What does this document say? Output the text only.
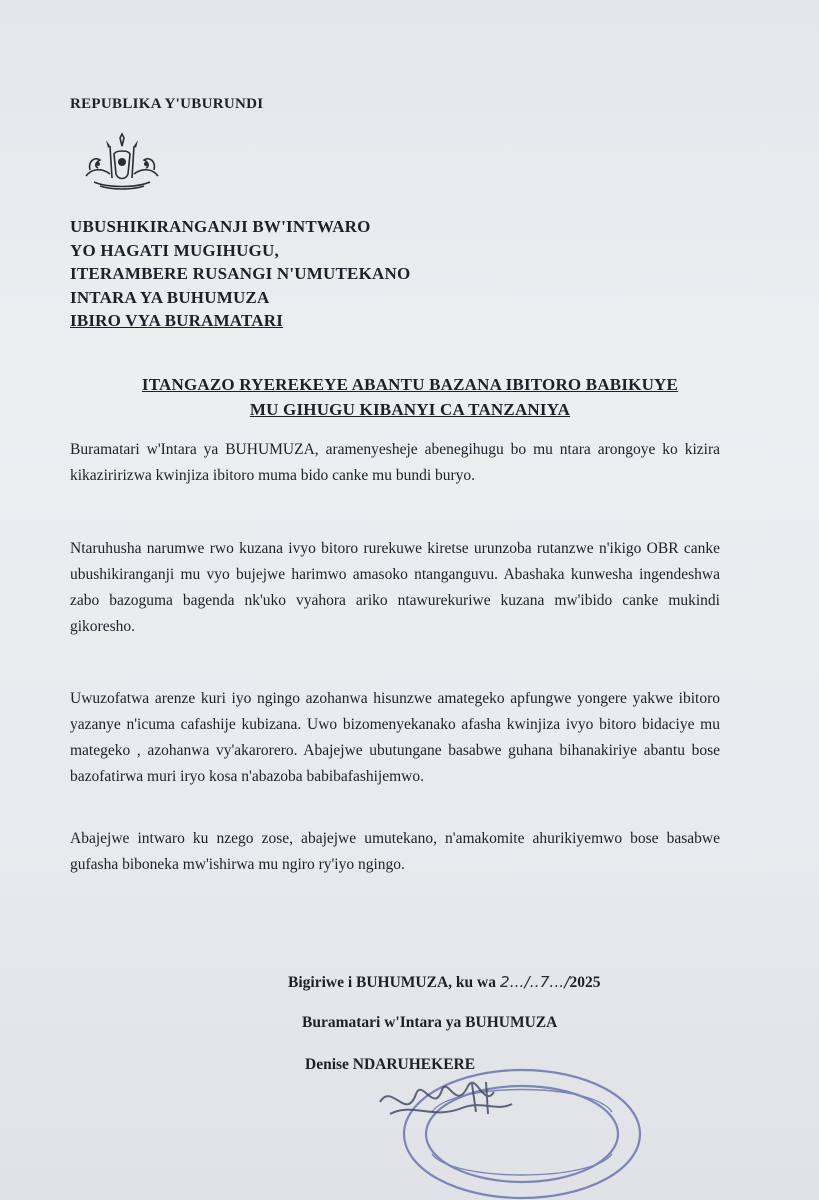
REPUBLIKA Y'UBURUNDI
UBUSHIKIRANGANJI BW'INTWARO
YO HAGATI MUGIHUGU,
ITERAMBERE RUSANGI N'UMUTEKANO
INTARA YA BUHUMUZA
IBIRO VYA BURAMATARI
ITANGAZO RYEREKEYE ABANTU BAZANA IBITORO BABIKUYE
MU GIHUGU KIBANYI CA TANZANIYA
Buramatari w'Intara ya BUHUMUZA, aramenyesheje abenegihugu bo mu ntara arongoye ko kizira kikaziririzwa kwinjiza ibitoro muma bido canke mu bundi buryo.
Ntaruhusha narumwe rwo kuzana ivyo bitoro rurekuwe kiretse urunzoba rutanzwe n'ikigo OBR canke ubushikiranganji mu vyo bujejwe harimwo amasoko ntanganguvu. Abashaka kunwesha ingendeshwa zabo bazoguma bagenda nk'uko vyahora ariko ntawurekuriwe kuzana mw'ibido canke mukindi gikoresho.
Uwuzofatwa arenze kuri iyo ngingo azohanwa hisunzwe amategeko apfungwe yongere yakwe ibitoro yazanye n'icuma cafashije kubizana. Uwo bizomenyekanako afasha kwinjiza ivyo bitoro bidaciye mu mategeko , azohanwa vy'akarorero. Abajejwe ubutungane basabwe guhana bihanakiriye abantu bose bazofatirwa muri iryo kosa n'abazoba babibafashijemwo.
Abajejwe intwaro ku nzego zose, abajejwe umutekano, n'amakomite ahurikiyemwo bose basabwe gufasha biboneka mw'ishirwa mu ngiro ry'iyo ngingo.
Bigiriwe i BUHUMUZA, ku wa 2.../..7.../2025
Buramatari w'Intara ya BUHUMUZA
Denise NDARUHEKERE
